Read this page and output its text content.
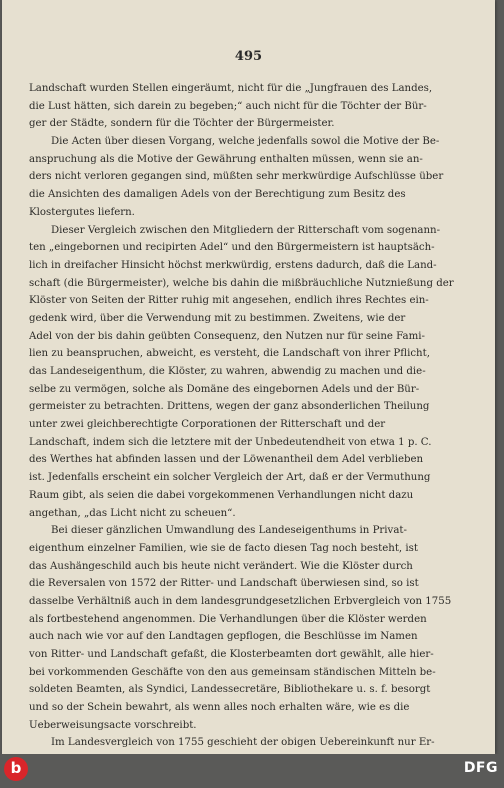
495
Landschaft wurden Stellen eingeräumt, nicht für die „Jungfrauen des Landes,
die Lust hätten, sich darein zu begeben;“ auch nicht für die Töchter der Bür-
ger der Städte, sondern für die Töchter der Bürgermeister.
Die Acten über diesen Vorgang, welche jedenfalls sowol die Motive der Be-
anspruchung als die Motive der Gewährung enthalten müssen, wenn sie an-
ders nicht verloren gegangen sind, müßten sehr merkwürdige Aufschlüsse über
die Ansichten des damaligen Adels von der Berechtigung zum Besitz des
Klostergutes liefern.
Dieser Vergleich zwischen den Mitgliedern der Ritterschaft vom sogenann-
ten „eingebornen und recipirten Adel“ und den Bürgermeistern ist hauptsäch-
lich in dreifacher Hinsicht höchst merkwürdig, erstens dadurch, daß die Land-
schaft (die Bürgermeister), welche bis dahin die mißbräuchliche Nutznießung der
Klöster von Seiten der Ritter ruhig mit angesehen, endlich ihres Rechtes ein-
gedenk wird, über die Verwendung mit zu bestimmen. Zweitens, wie der
Adel von der bis dahin geübten Consequenz, den Nutzen nur für seine Fami-
lien zu beanspruchen, abweicht, es versteht, die Landschaft von ihrer Pflicht,
das Landeseigenthum, die Klöster, zu wahren, abwendig zu machen und die-
selbe zu vermögen, solche als Domäne des eingebornen Adels und der Bür-
germeister zu betrachten. Drittens, wegen der ganz absonderlichen Theilung
unter zwei gleichberechtigte Corporationen der Ritterschaft und der
Landschaft, indem sich die letztere mit der Unbedeutendheit von etwa 1 p. C.
des Werthes hat abfinden lassen und der Löwenantheil dem Adel verblieben
ist. Jedenfalls erscheint ein solcher Vergleich der Art, daß er der Vermuthung
Raum gibt, als seien die dabei vorgekommenen Verhandlungen nicht dazu
angethan, „das Licht nicht zu scheuen“.
Bei dieser gänzlichen Umwandlung des Landeseigenthums in Privat-
eigenthum einzelner Familien, wie sie de facto diesen Tag noch besteht, ist
das Aushängeschild auch bis heute nicht verändert. Wie die Klöster durch
die Reversalen von 1572 der Ritter- und Landschaft überwiesen sind, so ist
dasselbe Verhältniß auch in dem landesgrundgesetzlichen Erbvergleich von 1755
als fortbestehend angenommen. Die Verhandlungen über die Klöster werden
auch nach wie vor auf den Landtagen gepflogen, die Beschlüsse im Namen
von Ritter- und Landschaft gefaßt, die Klosterbeamten dort gewählt, alle hier-
bei vorkommenden Geschäfte von den aus gemeinsam ständischen Mitteln be-
soldeten Beamten, als Syndici, Landessecretäre, Bibliothekare u. s. f. besorgt
und so der Schein bewahrt, als wenn alles noch erhalten wäre, wie es die
Ueberweisungsacte vorschreibt.
Im Landesvergleich von 1755 geschieht der obigen Uebereinkunft nur Er-
b	DFG
